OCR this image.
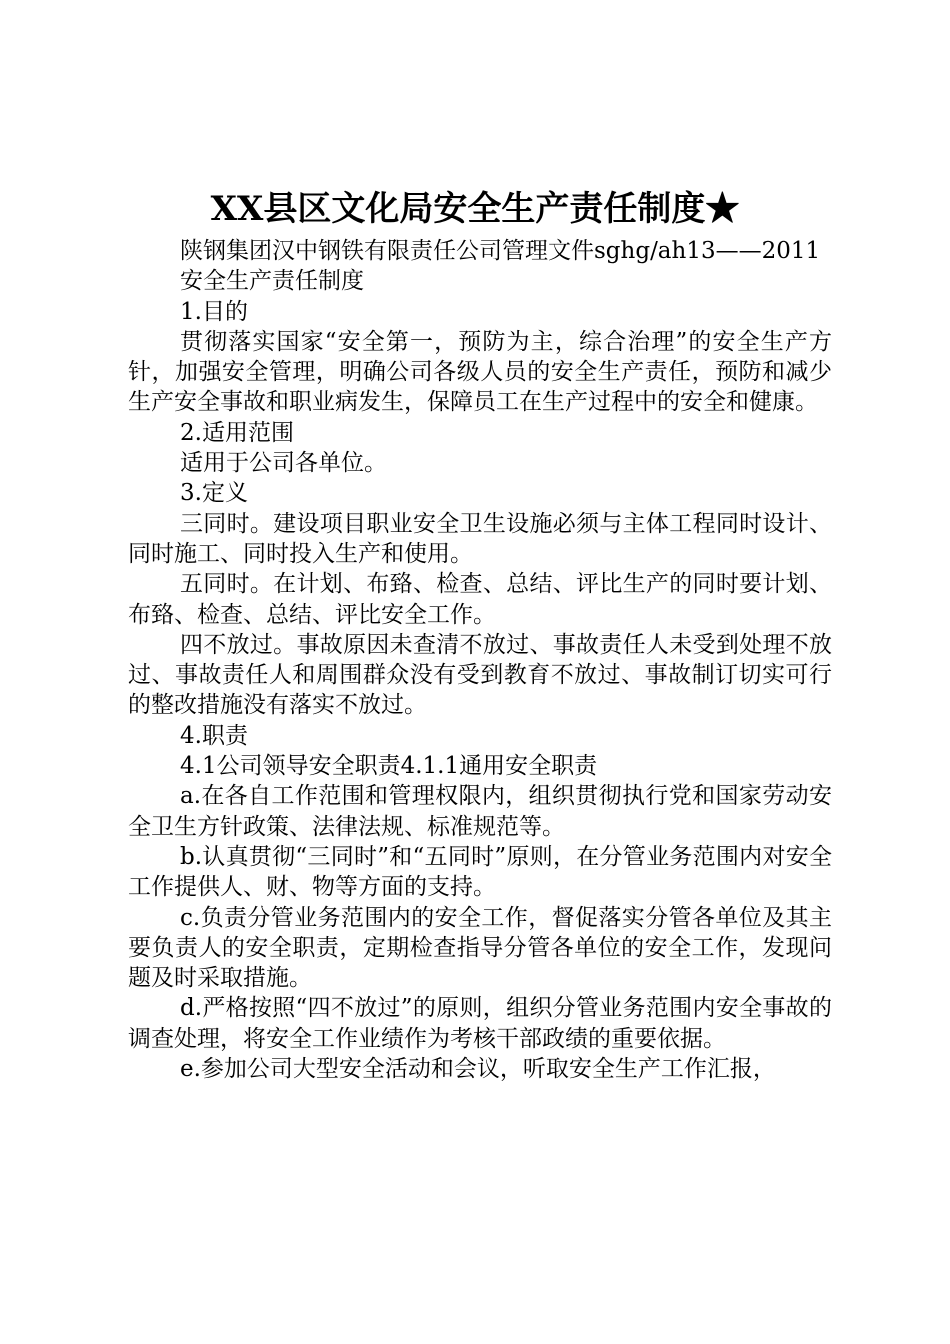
XX县区文化局安全生产责任制度★

陕钢集团汉中钢铁有限责任公司管理文件sghg/ah13——2011

安全生产责任制度

1.目的

贯彻落实国家“安全第一，预防为主，综合治理”的安全生产方针，加强安全管理，明确公司各级人员的安全生产责任，预防和减少生产安全事故和职业病发生，保障员工在生产过程中的安全和健康。

2.适用范围

适用于公司各单位。

3.定义

三同时。建设项目职业安全卫生设施必须与主体工程同时设计、同时施工、同时投入生产和使用。

五同时。在计划、布臵、检查、总结、评比生产的同时要计划、布臵、检查、总结、评比安全工作。

四不放过。事故原因未查清不放过、事故责任人未受到处理不放过、事故责任人和周围群众没有受到教育不放过、事故制订切实可行的整改措施没有落实不放过。

4.职责

4.1公司领导安全职责4.1.1通用安全职责

a.在各自工作范围和管理权限内，组织贯彻执行党和国家劳动安全卫生方针政策、法律法规、标准规范等。

b.认真贯彻“三同时”和“五同时”原则，在分管业务范围内对安全工作提供人、财、物等方面的支持。

c.负责分管业务范围内的安全工作，督促落实分管各单位及其主要负责人的安全职责，定期检查指导分管各单位的安全工作，发现问题及时采取措施。

d.严格按照“四不放过”的原则，组织分管业务范围内安全事故的调查处理，将安全工作业绩作为考核干部政绩的重要依据。

e.参加公司大型安全活动和会议，听取安全生产工作汇报，
